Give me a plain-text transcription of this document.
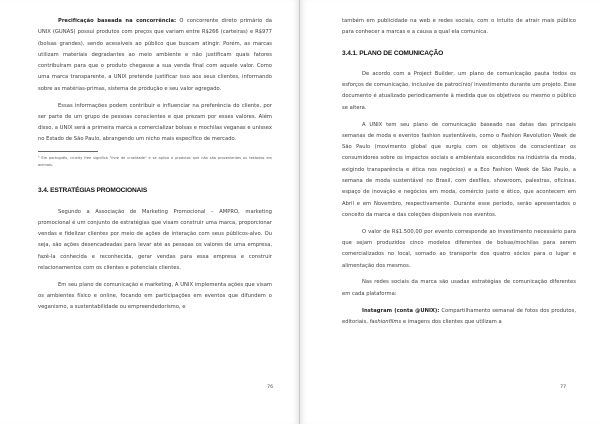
Precificação baseada na concorrência: O concorrente direto primário da UNIX (GUNAS) possui produtos com preços que variam entre R$266 (carteiras) e R$977 (bolsas grandes), sendo acessíveis ao público que buscam atingir. Porém, as marcas utilizam materiais degradantes ao meio ambiente e não justificam quais fatores contribuíram para que o produto chegasse a sua venda final com aquele valor. Como uma marca transparente, a UNIX pretende justificar isso aos seus clientes, informando sobre as matérias-primas, sistema de produção e seu valor agregado.

Essas informações podem contribuir e influenciar na preferência do cliente, por ser parte de um grupo de pessoas conscientes e que prezam por esses valores. Além disso, a UNIX será a primeira marca a comercializar bolsas e mochilas veganas e unissex no Estado de São Paulo, abrangendo um nicho mais específico de mercado.

⁶ Em português, cruelty free significa "livre de crueldade" e se aplica a produtos que não são provenientes ou testados em animais.
3.4. ESTRATÉGIAS PROMOCIONAIS

Segundo a Associação de Marketing Promocional – AMPRO, marketing promocional é um conjunto de estratégias que visam construir uma marca, proporcionar vendas e fidelizar clientes por meio de ações de interação com seus públicos-alvo. Ou seja, são ações desencadeadas para levar até as pessoas os valores de uma empresa, fazê-la conhecida e reconhecida, gerar vendas para essa empresa e construir relacionamentos com os clientes e potenciais clientes.

Em seu plano de comunicação e marketing, A UNIX implementa ações que visam os ambientes físico e online, focando em participações em eventos que difundem o veganismo, a sustentabilidade ou empreendedorismo, e

76

também em publicidade na web e redes sociais, com o intuito de atrair mais público para conhecer a marcas e a causa a qual ela comunica.

3.4.1. PLANO DE COMUNICAÇÃO

De acordo com a Project Builder, um plano de comunicação pauta todos os esforços de comunicação, inclusive de patrocínio/ investimento durante um projeto. Esse documento é atualizado periodicamente à medida que os objetivos ou mesmo o público se altera.

A UNIX tem seu plano de comunicação baseado nas datas das principais semanas de moda e eventos fashion sustentáveis, como o Fashion Revolution Week de São Paulo (movimento global que surgiu com os objetivos de conscientizar os consumidores sobre os impactos sociais e ambientais escondidos na indústria da moda, exigindo transparência e ética nos negócios) e a Eco Fashion Week de São Paulo, a semana de moda sustentável no Brasil, com desfiles, showroom, palestras, oficinas, espaço de inovação e negócios em moda, comércio justo e ético, que acontecem em Abril e em Novembro, respectivamente. Durante esse período, serão apresentados o conceito da marca e das coleções disponíveis nos eventos.

O valor de R$1.500,00 por evento corresponde ao investimento necessário para que sejam produzidos cinco modelos diferentes de bolsas/mochilas para serem comercializados no local, somado ao transporte dos quatro sócios para o lugar e alimentação dos mesmos.

Nas redes sociais da marca são usadas estratégias de comunicação diferentes em cada plataforma:

Instagram (conta @UNIX): Compartilhamento semanal de fotos dos produtos, editoriais, fashionfilms e imagens dos clientes que utilizam a

77
